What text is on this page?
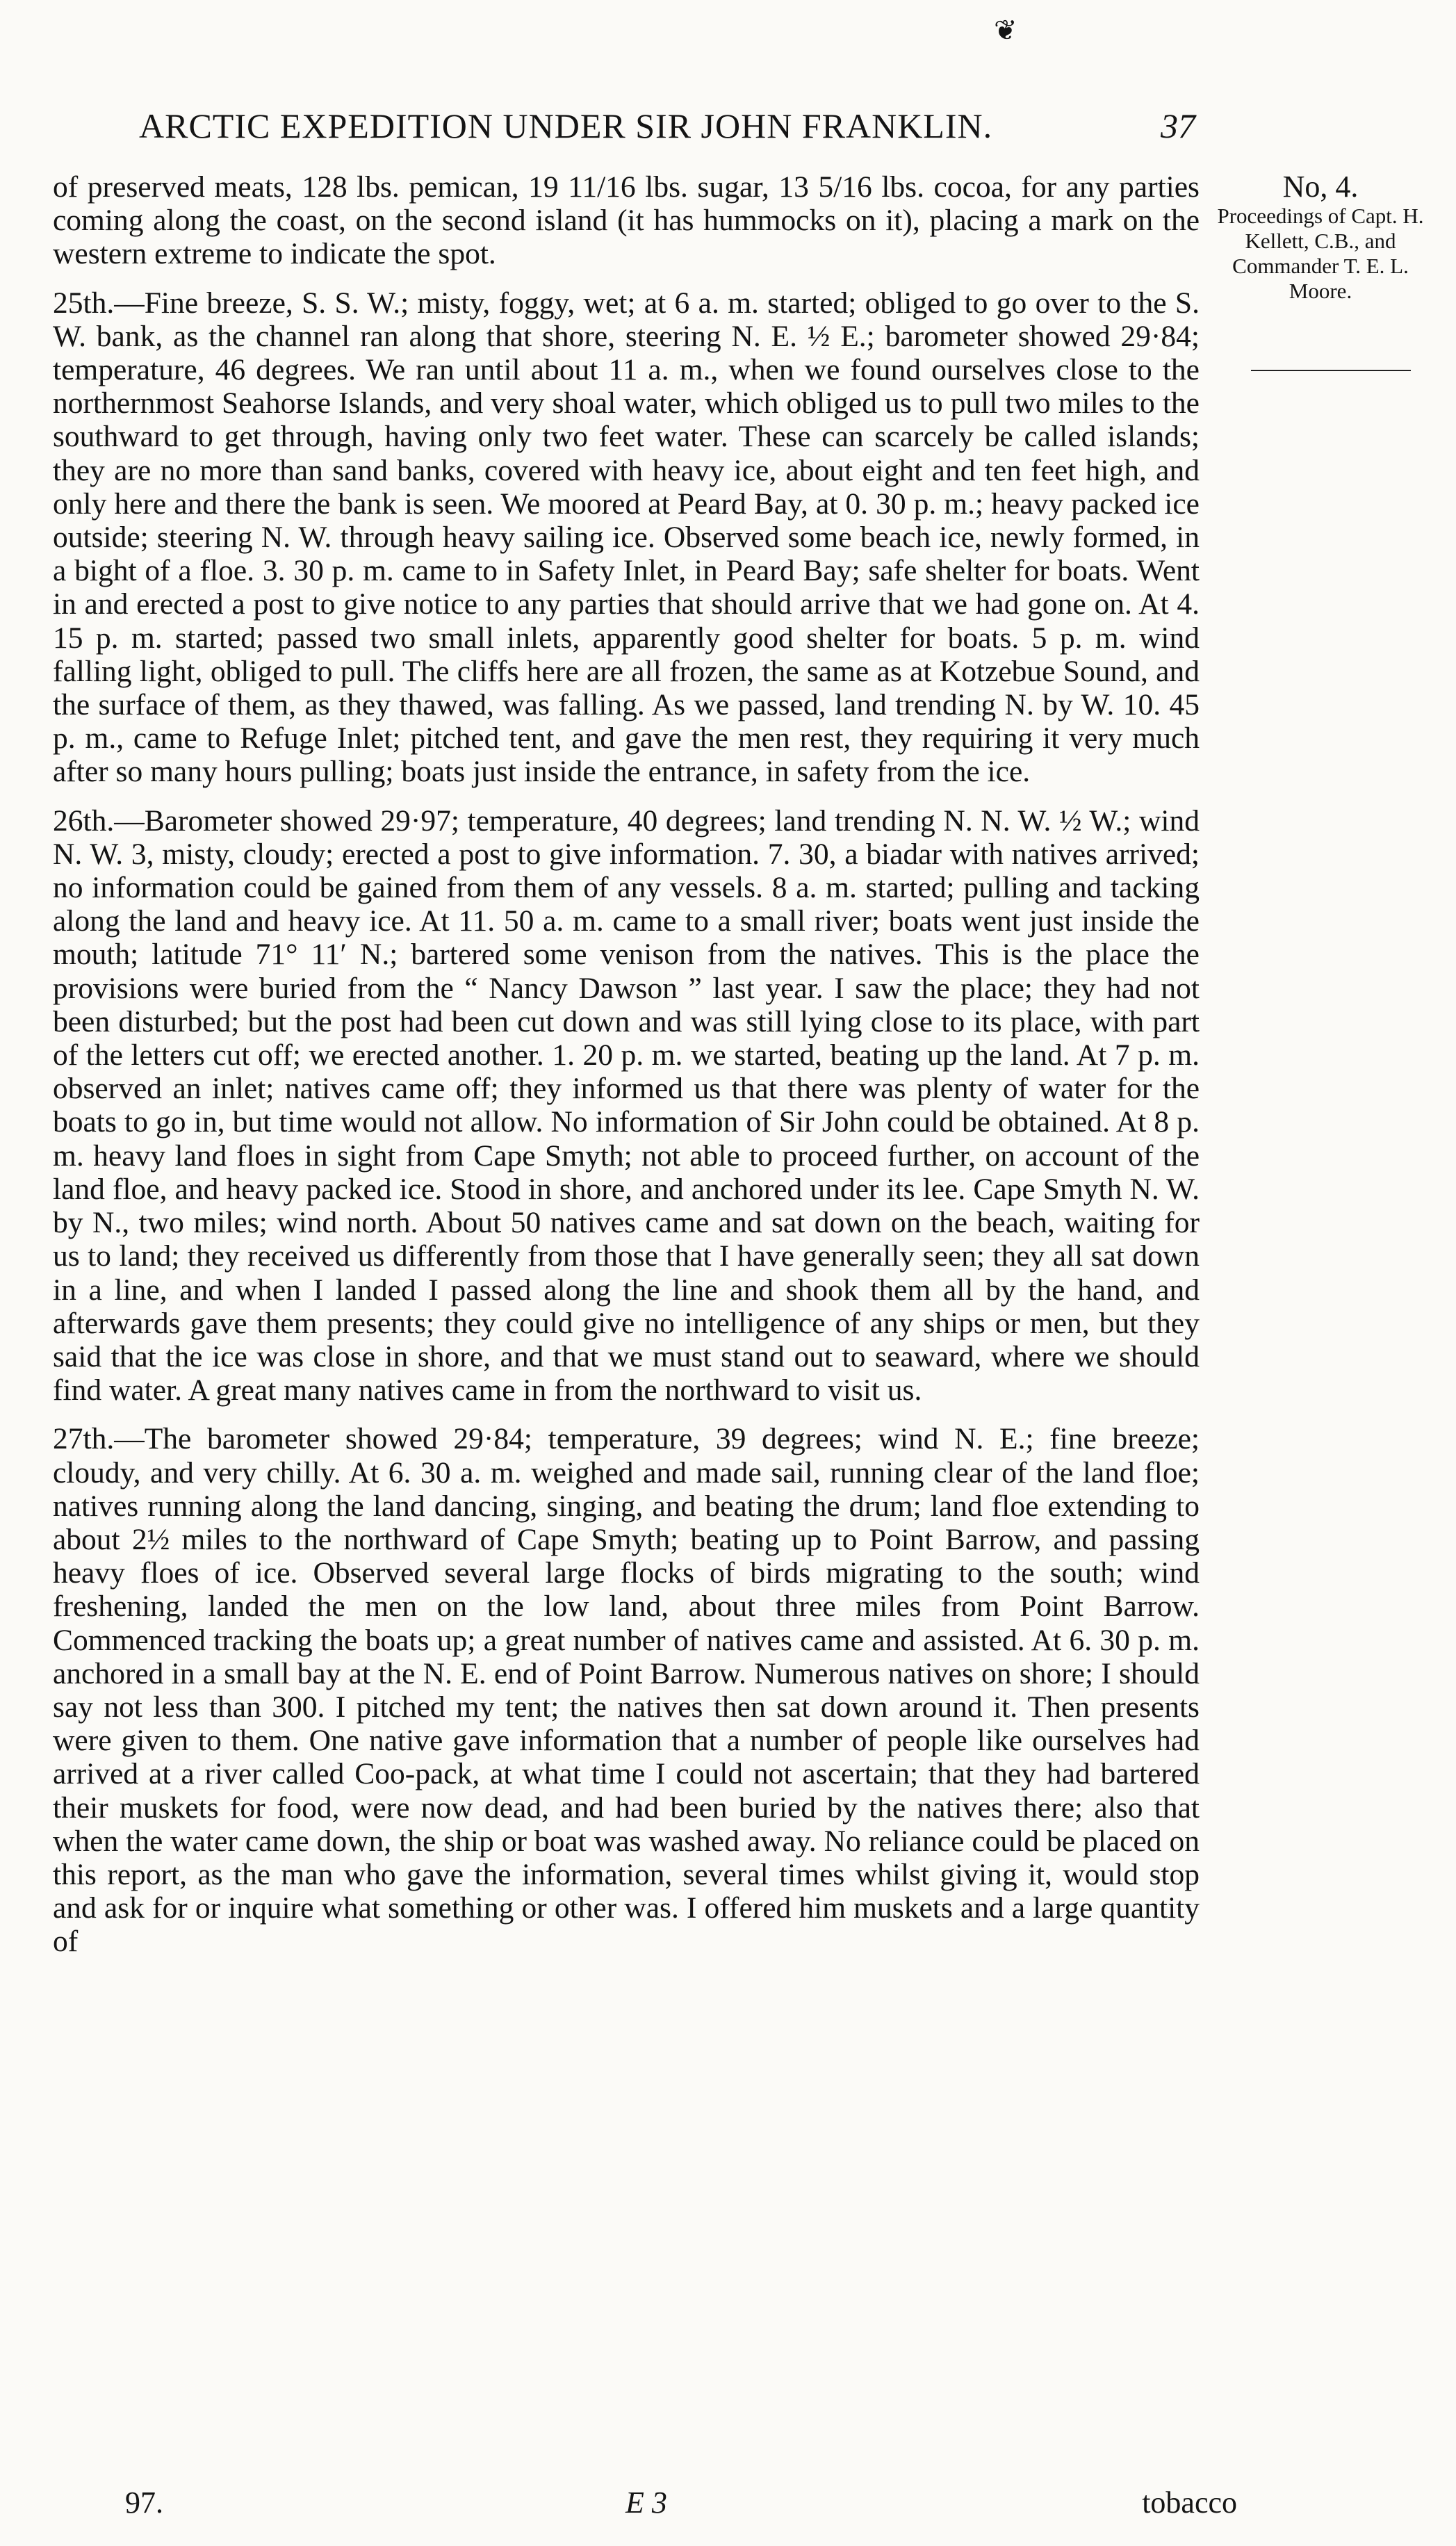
❦
ARCTIC EXPEDITION UNDER SIR JOHN FRANKLIN.	37
No, 4.
Proceedings of Capt. H. Kellett, C.B., and Commander T. E. L. Moore.

of preserved meats, 128 lbs. pemican, 19 11/16 lbs. sugar, 13 5/16 lbs. cocoa, for any parties coming along the coast, on the second island (it has hummocks on it), placing a mark on the western extreme to indicate the spot.

25th.—Fine breeze, S. S. W.; misty, foggy, wet; at 6 a. m. started; obliged to go over to the S. W. bank, as the channel ran along that shore, steering N. E. ½ E.; barometer showed 29·84; temperature, 46 degrees. We ran until about 11 a. m., when we found ourselves close to the northernmost Seahorse Islands, and very shoal water, which obliged us to pull two miles to the southward to get through, having only two feet water. These can scarcely be called islands; they are no more than sand banks, covered with heavy ice, about eight and ten feet high, and only here and there the bank is seen. We moored at Peard Bay, at 0. 30 p. m.; heavy packed ice outside; steering N. W. through heavy sailing ice. Observed some beach ice, newly formed, in a bight of a floe. 3. 30 p. m. came to in Safety Inlet, in Peard Bay; safe shelter for boats. Went in and erected a post to give notice to any parties that should arrive that we had gone on. At 4. 15 p. m. started; passed two small inlets, apparently good shelter for boats. 5 p. m. wind falling light, obliged to pull. The cliffs here are all frozen, the same as at Kotzebue Sound, and the surface of them, as they thawed, was falling. As we passed, land trending N. by W. 10. 45 p. m., came to Refuge Inlet; pitched tent, and gave the men rest, they requiring it very much after so many hours pulling; boats just inside the entrance, in safety from the ice.

26th.—Barometer showed 29·97; temperature, 40 degrees; land trending N. N. W. ½ W.; wind N. W. 3, misty, cloudy; erected a post to give information. 7. 30, a biadar with natives arrived; no information could be gained from them of any vessels. 8 a. m. started; pulling and tacking along the land and heavy ice. At 11. 50 a. m. came to a small river; boats went just inside the mouth; latitude 71° 11′ N.; bartered some venison from the natives. This is the place the provisions were buried from the “ Nancy Dawson ” last year. I saw the place; they had not been disturbed; but the post had been cut down and was still lying close to its place, with part of the letters cut off; we erected another. 1. 20 p. m. we started, beating up the land. At 7 p. m. observed an inlet; natives came off; they informed us that there was plenty of water for the boats to go in, but time would not allow. No information of Sir John could be obtained. At 8 p. m. heavy land floes in sight from Cape Smyth; not able to proceed further, on account of the land floe, and heavy packed ice. Stood in shore, and anchored under its lee. Cape Smyth N. W. by N., two miles; wind north. About 50 natives came and sat down on the beach, waiting for us to land; they received us differently from those that I have generally seen; they all sat down in a line, and when I landed I passed along the line and shook them all by the hand, and afterwards gave them presents; they could give no intelligence of any ships or men, but they said that the ice was close in shore, and that we must stand out to seaward, where we should find water. A great many natives came in from the northward to visit us.

27th.—The barometer showed 29·84; temperature, 39 degrees; wind N. E.; fine breeze; cloudy, and very chilly. At 6. 30 a. m. weighed and made sail, running clear of the land floe; natives running along the land dancing, singing, and beating the drum; land floe extending to about 2½ miles to the northward of Cape Smyth; beating up to Point Barrow, and passing heavy floes of ice. Observed several large flocks of birds migrating to the south; wind freshening, landed the men on the low land, about three miles from Point Barrow. Commenced tracking the boats up; a great number of natives came and assisted. At 6. 30 p. m. anchored in a small bay at the N. E. end of Point Barrow. Numerous natives on shore; I should say not less than 300. I pitched my tent; the natives then sat down around it. Then presents were given to them. One native gave information that a number of people like ourselves had arrived at a river called Coo-pack, at what time I could not ascertain; that they had bartered their muskets for food, were now dead, and had been buried by the natives there; also that when the water came down, the ship or boat was washed away. No reliance could be placed on this report, as the man who gave the information, several times whilst giving it, would stop and ask for or inquire what something or other was. I offered him muskets and a large quantity of

97.	E 3	tobacco
